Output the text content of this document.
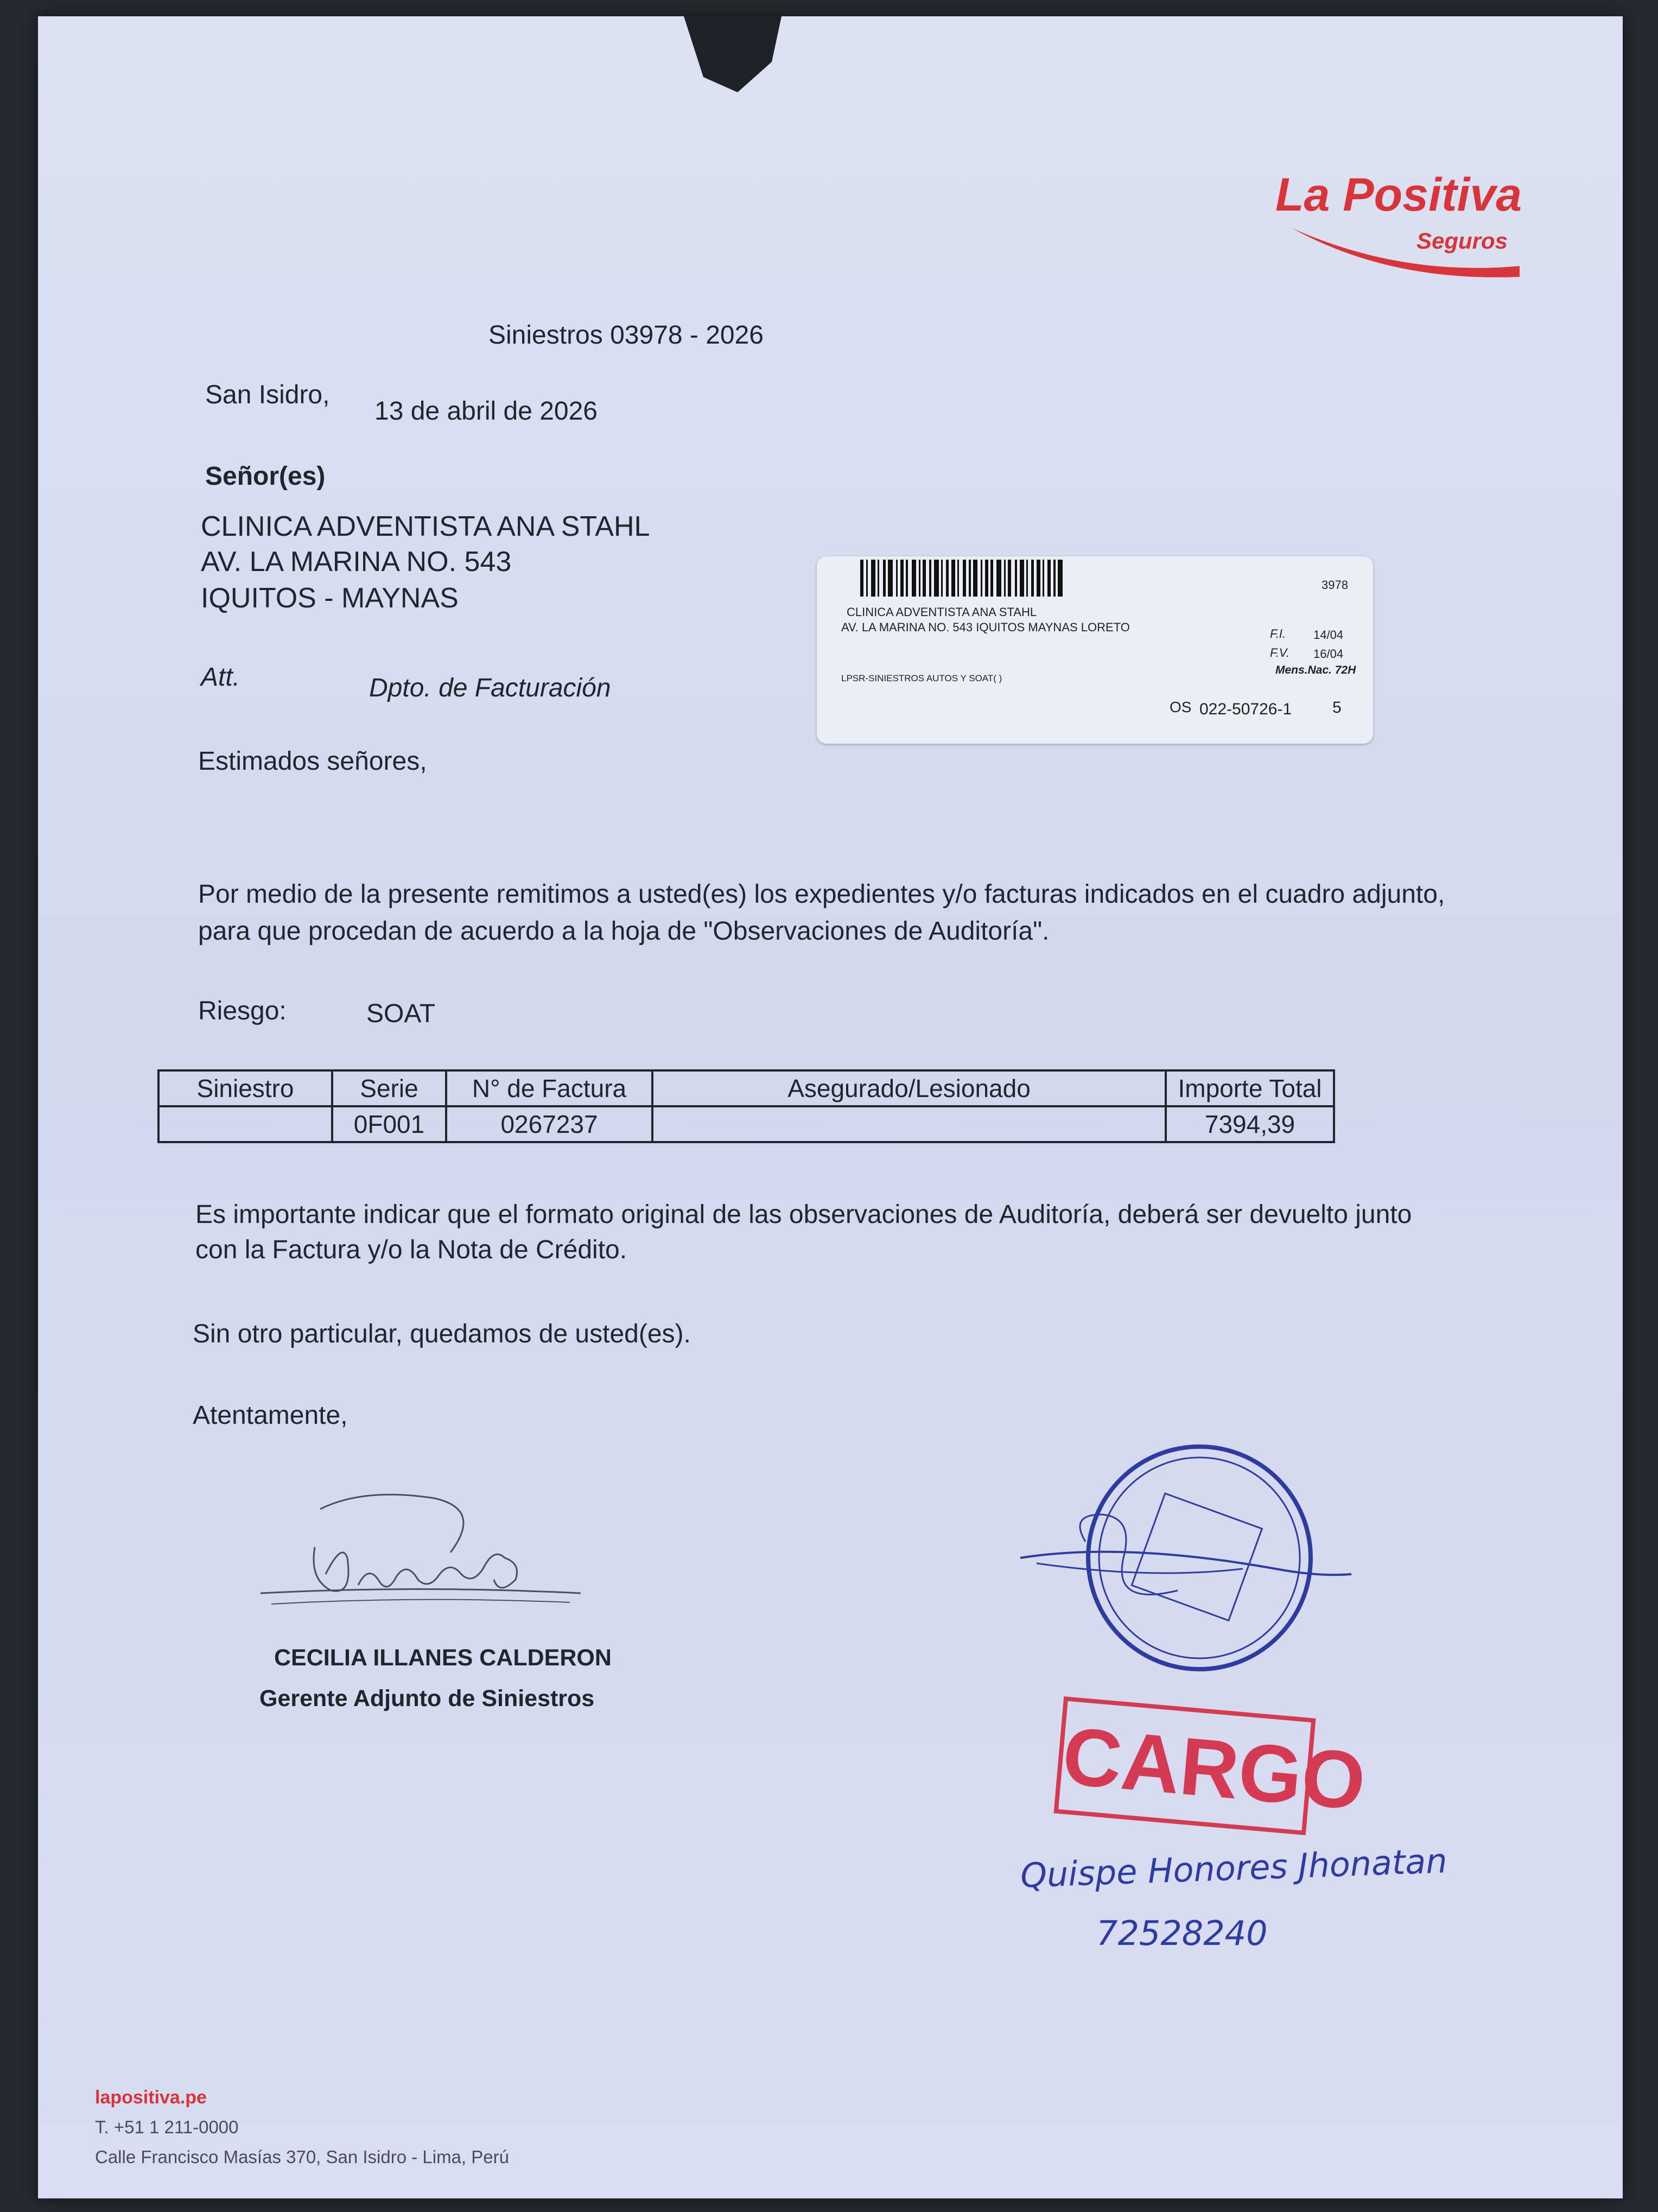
La Positiva
Seguros
Siniestros 03978 - 2026
San Isidro,
13 de abril de 2026
Señor(es)
CLINICA ADVENTISTA ANA STAHL
AV. LA MARINA NO. 543
IQUITOS - MAYNAS
Att.	Dpto. de Facturación
3978
CLINICA ADVENTISTA ANA STAHL
AV. LA MARINA NO. 543 IQUITOS MAYNAS LORETO	F.I. 14/04
F.V. 16/04
Mens.Nac. 72H
LPSR-SINIESTROS AUTOS Y SOAT( )
OS 022-50726-1 5
Estimados señores,
Por medio de la presente remitimos a usted(es) los expedientes y/o facturas indicados en el cuadro adjunto,
para que procedan de acuerdo a la hoja de "Observaciones de Auditoría".
Riesgo:	SOAT
Siniestro	Serie	N° de Factura	Asegurado/Lesionado	Importe Total
	0F001	0267237		7394,39
Es importante indicar que el formato original de las observaciones de Auditoría, deberá ser devuelto junto
con la Factura y/o la Nota de Crédito.
Sin otro particular, quedamos de usted(es).
Atentamente,
CECILIA ILLANES CALDERON
Gerente Adjunto de Siniestros
CARGO
Quispe Honores Jhonatan
72528240
lapositiva.pe
T. +51 1 211-0000
Calle Francisco Masías 370, San Isidro - Lima, Perú
